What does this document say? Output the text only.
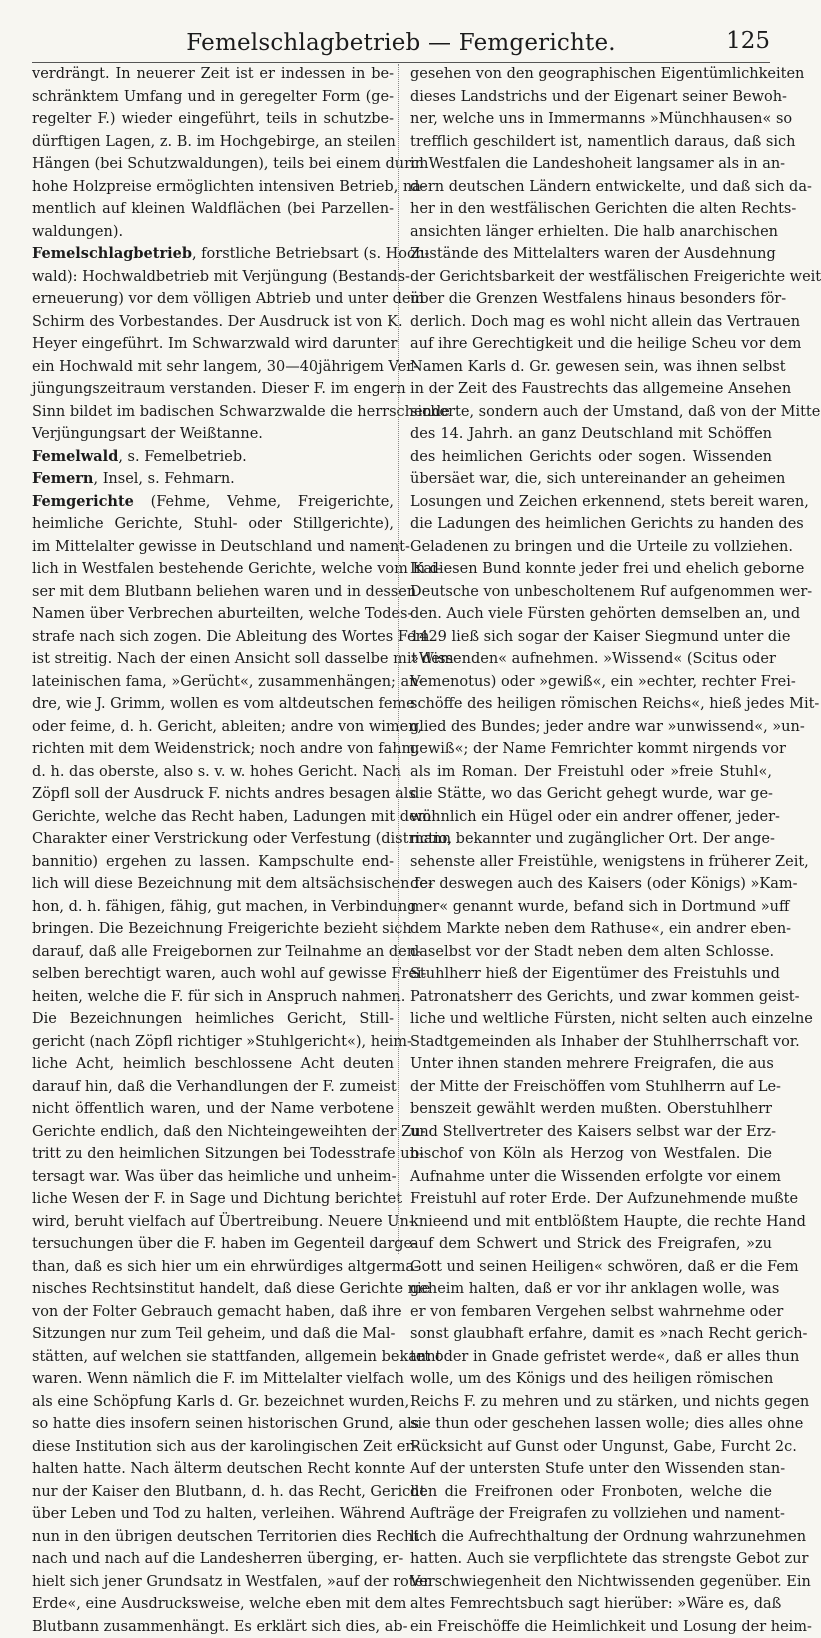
Femelschlagbetrieb — Femgerichte.	125
verdrängt. In neuerer Zeit ist er indessen in be-
schränktem Umfang und in geregelter Form (ge-
regelter F.) wieder eingeführt, teils in schutzbe-
dürftigen Lagen, z. B. im Hochgebirge, an steilen
Hängen (bei Schutzwaldungen), teils bei einem durch
hohe Holzpreise ermöglichten intensiven Betrieb, na-
mentlich auf kleinen Waldflächen (bei Parzellen-
waldungen).
Femelschlagbetrieb, forstliche Betriebsart (s. Hoch-
wald): Hochwaldbetrieb mit Verjüngung (Bestands-
erneuerung) vor dem völligen Abtrieb und unter dem
Schirm des Vorbestandes. Der Ausdruck ist von K.
Heyer eingeführt. Im Schwarzwald wird darunter
ein Hochwald mit sehr langem, 30—40jährigem Ver-
jüngungszeitraum verstanden. Dieser F. im engern
Sinn bildet im badischen Schwarzwalde die herrschende
Verjüngungsart der Weißtanne.
Femelwald, s. Femelbetrieb.
Femern, Insel, s. Fehmarn.
Femgerichte (Fehme, Vehme, Freigerichte,
heimliche Gerichte, Stuhl- oder Stillgerichte),
im Mittelalter gewisse in Deutschland und nament-
lich in Westfalen bestehende Gerichte, welche vom Kai-
ser mit dem Blutbann beliehen waren und in dessen
Namen über Verbrechen aburteilten, welche Todes-
strafe nach sich zogen. Die Ableitung des Wortes Fem
ist streitig. Nach der einen Ansicht soll dasselbe mit dem
lateinischen fama, »Gerücht«, zusammenhängen; an-
dre, wie J. Grimm, wollen es vom altdeutschen feme
oder feime, d. h. Gericht, ableiten; andre von wimen,
richten mit dem Weidenstrick; noch andre von fahm,
d. h. das oberste, also s. v. w. hohes Gericht. Nach
Zöpfl soll der Ausdruck F. nichts andres besagen als
Gerichte, welche das Recht haben, Ladungen mit dem
Charakter einer Verstrickung oder Verfestung (districtio,
bannitio) ergehen zu lassen. Kampschulte end-
lich will diese Bezeichnung mit dem altsächsischen fe-
hon, d. h. fähigen, fähig, gut machen, in Verbindung
bringen. Die Bezeichnung Freigerichte bezieht sich
darauf, daß alle Freigebornen zur Teilnahme an den-
selben berechtigt waren, auch wohl auf gewisse Frei-
heiten, welche die F. für sich in Anspruch nahmen.
Die Bezeichnungen heimliches Gericht, Still-
gericht (nach Zöpfl richtiger »Stuhlgericht«), heim-
liche Acht, heimlich beschlossene Acht deuten
darauf hin, daß die Verhandlungen der F. zumeist
nicht öffentlich waren, und der Name verbotene
Gerichte endlich, daß den Nichteingeweihten der Zu-
tritt zu den heimlichen Sitzungen bei Todesstrafe un-
tersagt war. Was über das heimliche und unheim-
liche Wesen der F. in Sage und Dichtung berichtet
wird, beruht vielfach auf Übertreibung. Neuere Un-
tersuchungen über die F. haben im Gegenteil darge-
than, daß es sich hier um ein ehrwürdiges altgerma-
nisches Rechtsinstitut handelt, daß diese Gerichte nie
von der Folter Gebrauch gemacht haben, daß ihre
Sitzungen nur zum Teil geheim, und daß die Mal-
stätten, auf welchen sie stattfanden, allgemein bekannt
waren. Wenn nämlich die F. im Mittelalter vielfach
als eine Schöpfung Karls d. Gr. bezeichnet wurden,
so hatte dies insofern seinen historischen Grund, als
diese Institution sich aus der karolingischen Zeit er-
halten hatte. Nach älterm deutschen Recht konnte
nur der Kaiser den Blutbann, d. h. das Recht, Gericht
über Leben und Tod zu halten, verleihen. Während
nun in den übrigen deutschen Territorien dies Recht
nach und nach auf die Landesherren überging, er-
hielt sich jener Grundsatz in Westfalen, »auf der roten
Erde«, eine Ausdrucksweise, welche eben mit dem
Blutbann zusammenhängt. Es erklärt sich dies, ab-
gesehen von den geographischen Eigentümlichkeiten
dieses Landstrichs und der Eigenart seiner Bewoh-
ner, welche uns in Immermanns »Münchhausen« so
trefflich geschildert ist, namentlich daraus, daß sich
in Westfalen die Landeshoheit langsamer als in an-
dern deutschen Ländern entwickelte, und daß sich da-
her in den westfälischen Gerichten die alten Rechts-
ansichten länger erhielten. Die halb anarchischen
Zustände des Mittelalters waren der Ausdehnung
der Gerichtsbarkeit der westfälischen Freigerichte weit
über die Grenzen Westfalens hinaus besonders för-
derlich. Doch mag es wohl nicht allein das Vertrauen
auf ihre Gerechtigkeit und die heilige Scheu vor dem
Namen Karls d. Gr. gewesen sein, was ihnen selbst
in der Zeit des Faustrechts das allgemeine Ansehen
sicherte, sondern auch der Umstand, daß von der Mitte
des 14. Jahrh. an ganz Deutschland mit Schöffen
des heimlichen Gerichts oder sogen. Wissenden
übersäet war, die, sich untereinander an geheimen
Losungen und Zeichen erkennend, stets bereit waren,
die Ladungen des heimlichen Gerichts zu handen des
Geladenen zu bringen und die Urteile zu vollziehen.
In diesen Bund konnte jeder frei und ehelich geborne
Deutsche von unbescholtenem Ruf aufgenommen wer-
den. Auch viele Fürsten gehörten demselben an, und
1429 ließ sich sogar der Kaiser Siegmund unter die
»Wissenden« aufnehmen. »Wissend« (Scitus oder
Vemenotus) oder »gewiß«, ein »echter, rechter Frei-
schöffe des heiligen römischen Reichs«, hieß jedes Mit-
glied des Bundes; jeder andre war »unwissend«, »un-
gewiß«; der Name Femrichter kommt nirgends vor
als im Roman. Der Freistuhl oder »freie Stuhl«,
die Stätte, wo das Gericht gehegt wurde, war ge-
wöhnlich ein Hügel oder ein andrer offener, jeder-
mann bekannter und zugänglicher Ort. Der ange-
sehenste aller Freistühle, wenigstens in früherer Zeit,
der deswegen auch des Kaisers (oder Königs) »Kam-
mer« genannt wurde, befand sich in Dortmund »uff
dem Markte neben dem Rathuse«, ein andrer eben-
daselbst vor der Stadt neben dem alten Schlosse.
Stuhlherr hieß der Eigentümer des Freistuhls und
Patronatsherr des Gerichts, und zwar kommen geist-
liche und weltliche Fürsten, nicht selten auch einzelne
Stadtgemeinden als Inhaber der Stuhlherrschaft vor.
Unter ihnen standen mehrere Freigrafen, die aus
der Mitte der Freischöffen vom Stuhlherrn auf Le-
benszeit gewählt werden mußten. Oberstuhlherr
und Stellvertreter des Kaisers selbst war der Erz-
bischof von Köln als Herzog von Westfalen. Die
Aufnahme unter die Wissenden erfolgte vor einem
Freistuhl auf roter Erde. Der Aufzunehmende mußte
knieend und mit entblößtem Haupte, die rechte Hand
auf dem Schwert und Strick des Freigrafen, »zu
Gott und seinen Heiligen« schwören, daß er die Fem
geheim halten, daß er vor ihr anklagen wolle, was
er von fembaren Vergehen selbst wahrnehme oder
sonst glaubhaft erfahre, damit es »nach Recht gerich-
tet oder in Gnade gefristet werde«, daß er alles thun
wolle, um des Königs und des heiligen römischen
Reichs F. zu mehren und zu stärken, und nichts gegen
sie thun oder geschehen lassen wolle; dies alles ohne
Rücksicht auf Gunst oder Ungunst, Gabe, Furcht 2c.
Auf der untersten Stufe unter den Wissenden stan-
den die Freifronen oder Fronboten, welche die
Aufträge der Freigrafen zu vollziehen und nament-
lich die Aufrechthaltung der Ordnung wahrzunehmen
hatten. Auch sie verpflichtete das strengste Gebot zur
Verschwiegenheit den Nichtwissenden gegenüber. Ein
altes Femrechtsbuch sagt hierüber: »Wäre es, daß
ein Freischöffe die Heimlichkeit und Losung der heim-
